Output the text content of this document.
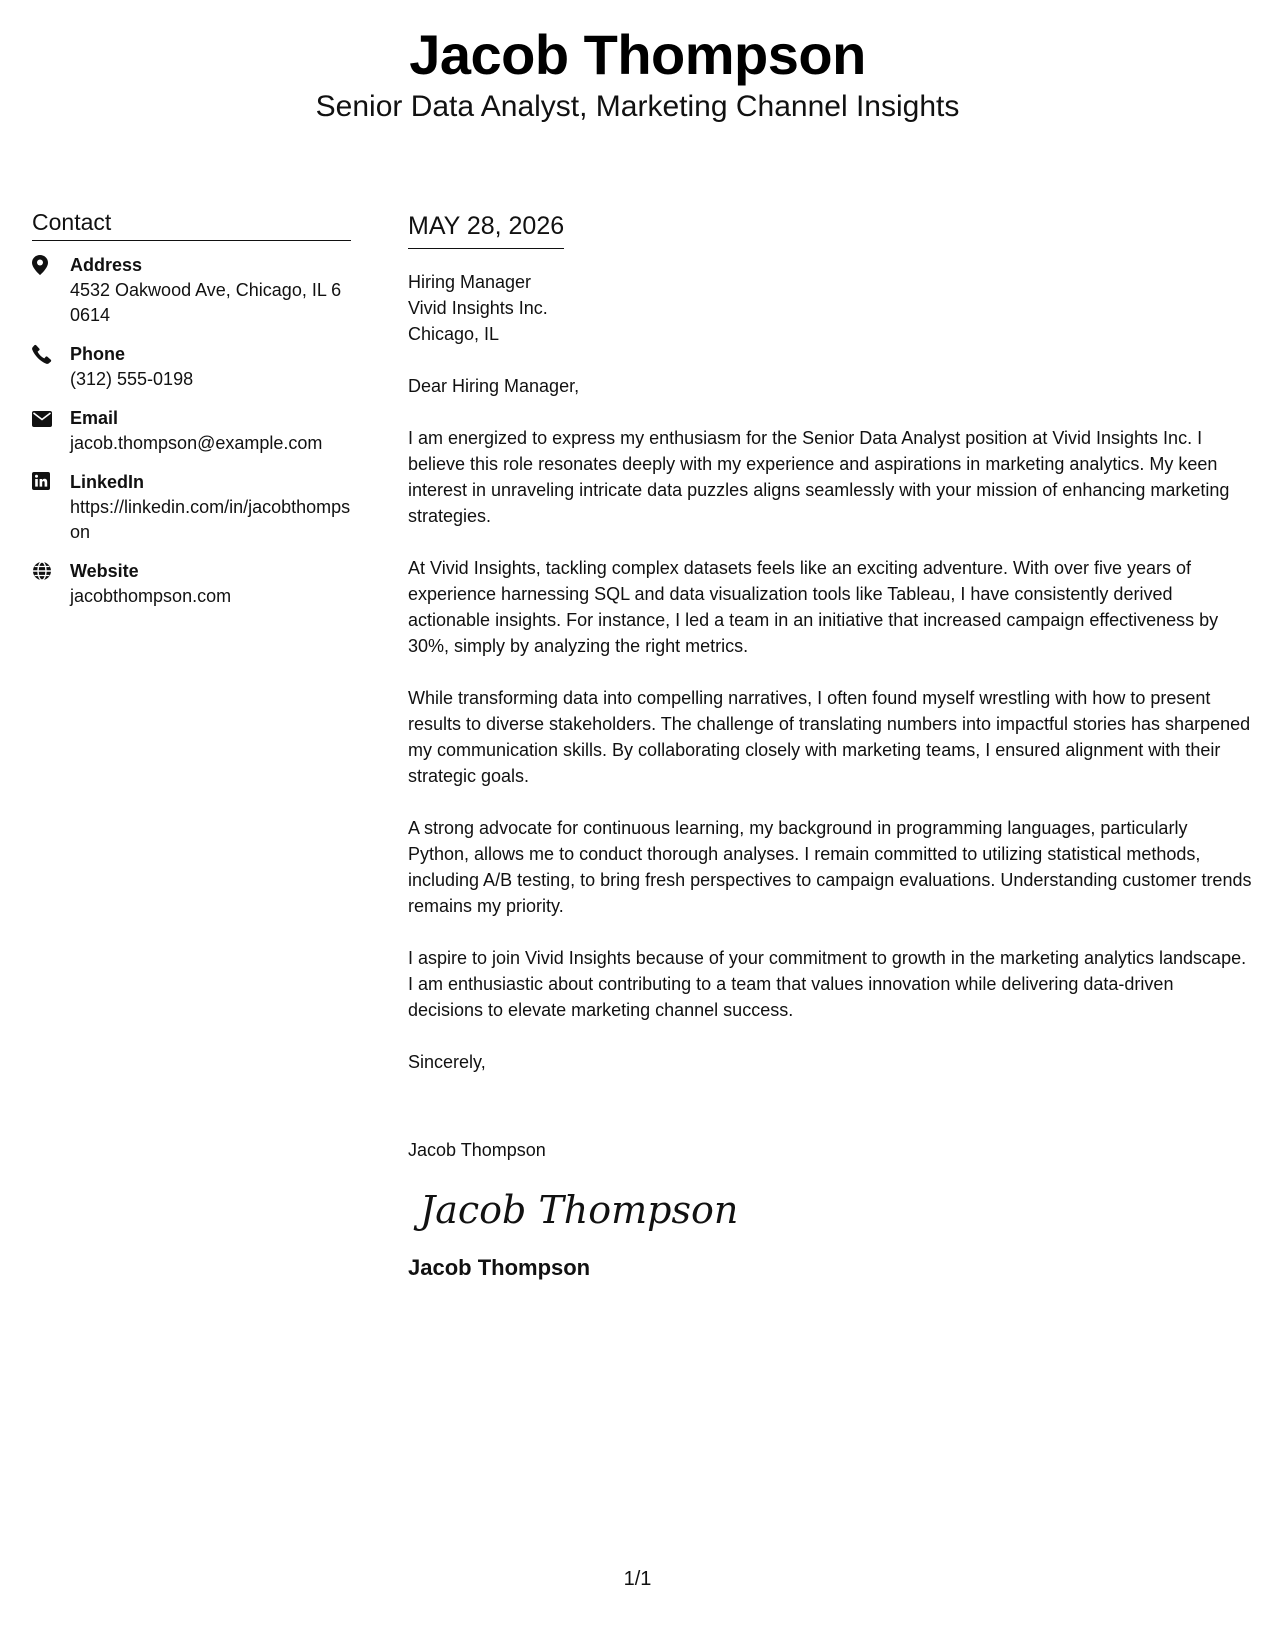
Jacob Thompson
Senior Data Analyst, Marketing Channel Insights
Contact
Address
4532 Oakwood Ave, Chicago, IL 60614
Phone
(312) 555-0198
Email
jacob.thompson@example.com
LinkedIn
https://linkedin.com/in/jacobthompson
Website
jacobthompson.com
MAY 28, 2026
Hiring Manager
Vivid Insights Inc.
Chicago, IL
Dear Hiring Manager,

I am energized to express my enthusiasm for the Senior Data Analyst position at Vivid Insights Inc. I believe this role resonates deeply with my experience and aspirations in marketing analytics. My keen interest in unraveling intricate data puzzles aligns seamlessly with your mission of enhancing marketing strategies.

At Vivid Insights, tackling complex datasets feels like an exciting adventure. With over five years of experience harnessing SQL and data visualization tools like Tableau, I have consistently derived actionable insights. For instance, I led a team in an initiative that increased campaign effectiveness by 30%, simply by analyzing the right metrics.

While transforming data into compelling narratives, I often found myself wrestling with how to present results to diverse stakeholders. The challenge of translating numbers into impactful stories has sharpened my communication skills. By collaborating closely with marketing teams, I ensured alignment with their strategic goals.

A strong advocate for continuous learning, my background in programming languages, particularly Python, allows me to conduct thorough analyses. I remain committed to utilizing statistical methods, including A/B testing, to bring fresh perspectives to campaign evaluations. Understanding customer trends remains my priority.

I aspire to join Vivid Insights because of your commitment to growth in the marketing analytics landscape. I am enthusiastic about contributing to a team that values innovation while delivering data-driven decisions to elevate marketing channel success.

Sincerely,
Jacob Thompson
Jacob Thompson
Jacob Thompson
1/1
